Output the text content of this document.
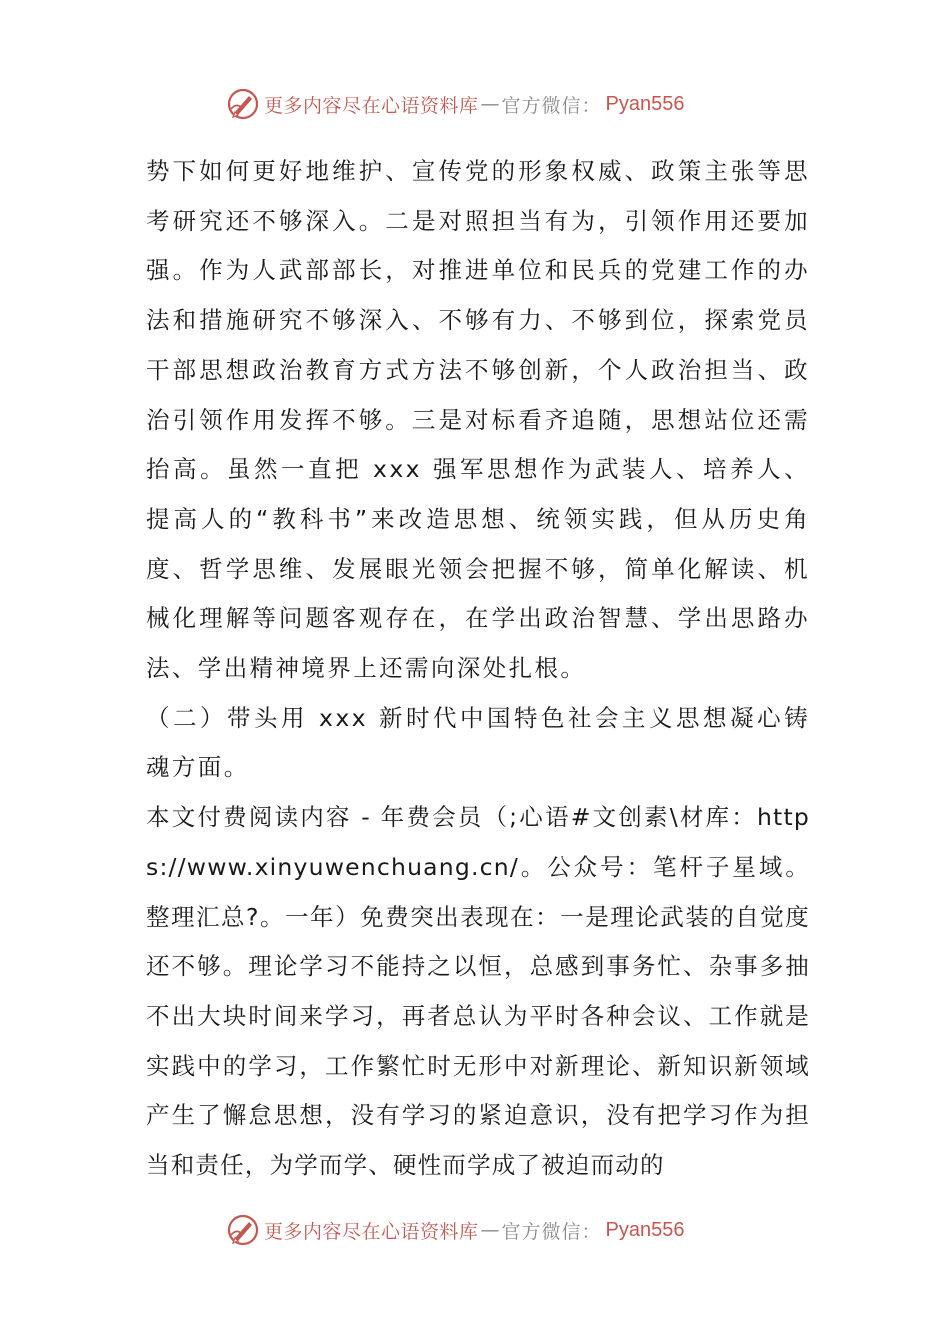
更多内容尽在心语资料库 — 官方微信： Pyan556

势下如何更好地维护、宣传党的形象权威、政策主张等思考研究还不够深入。二是对照担当有为，引领作用还要加强。作为人武部部长，对推进单位和民兵的党建工作的办法和措施研究不够深入、不够有力、不够到位，探索党员干部思想政治教育方式方法不够创新，个人政治担当、政治引领作用发挥不够。三是对标看齐追随，思想站位还需抬高。虽然一直把 xxx 强军思想作为武装人、培养人、提高人的“教科书”来改造思想、统领实践，但从历史角度、哲学思维、发展眼光领会把握不够，简单化解读、机械化理解等问题客观存在，在学出政治智慧、学出思路办法、学出精神境界上还需向深处扎根。

（二）带头用 xxx 新时代中国特色社会主义思想凝心铸魂方面。

本文付费阅读内容 - 年费会员（;心语#文创素\材库：https://www.xinyuwenchuang.cn/。公众号：笔杆子星域。整理汇总?。一年）免费突出表现在：一是理论武装的自觉度还不够。理论学习不能持之以恒，总感到事务忙、杂事多抽不出大块时间来学习，再者总认为平时各种会议、工作就是实践中的学习，工作繁忙时无形中对新理论、新知识新领域产生了懈怠思想，没有学习的紧迫意识，没有把学习作为担当和责任，为学而学、硬性而学成了被迫而动的

更多内容尽在心语资料库 — 官方微信： Pyan556
